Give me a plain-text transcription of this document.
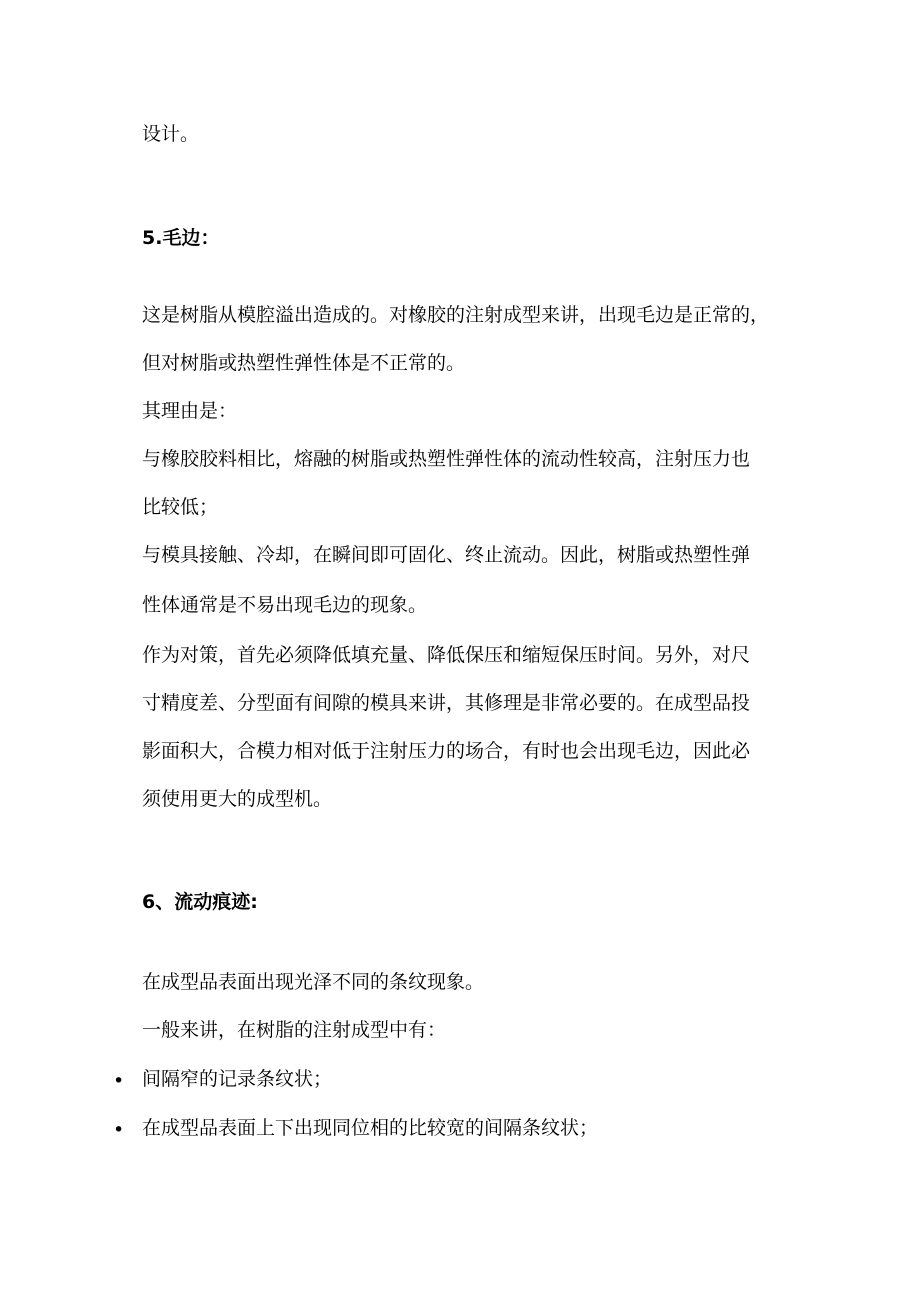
设计。
5.毛边：
这是树脂从模腔溢出造成的。对橡胶的注射成型来讲，出现毛边是正常的，
但对树脂或热塑性弹性体是不正常的。
其理由是：
与橡胶胶料相比，熔融的树脂或热塑性弹性体的流动性较高，注射压力也
比较低；
与模具接触、冷却，在瞬间即可固化、终止流动。因此，树脂或热塑性弹
性体通常是不易出现毛边的现象。
作为对策，首先必须降低填充量、降低保压和缩短保压时间。另外，对尺
寸精度差、分型面有间隙的模具来讲，其修理是非常必要的。在成型品投
影面积大，合模力相对低于注射压力的场合，有时也会出现毛边，因此必
须使用更大的成型机。
6、流动痕迹:
在成型品表面出现光泽不同的条纹现象。
一般来讲，在树脂的注射成型中有：
• 间隔窄的记录条纹状；
• 在成型品表面上下出现同位相的比较宽的间隔条纹状；
